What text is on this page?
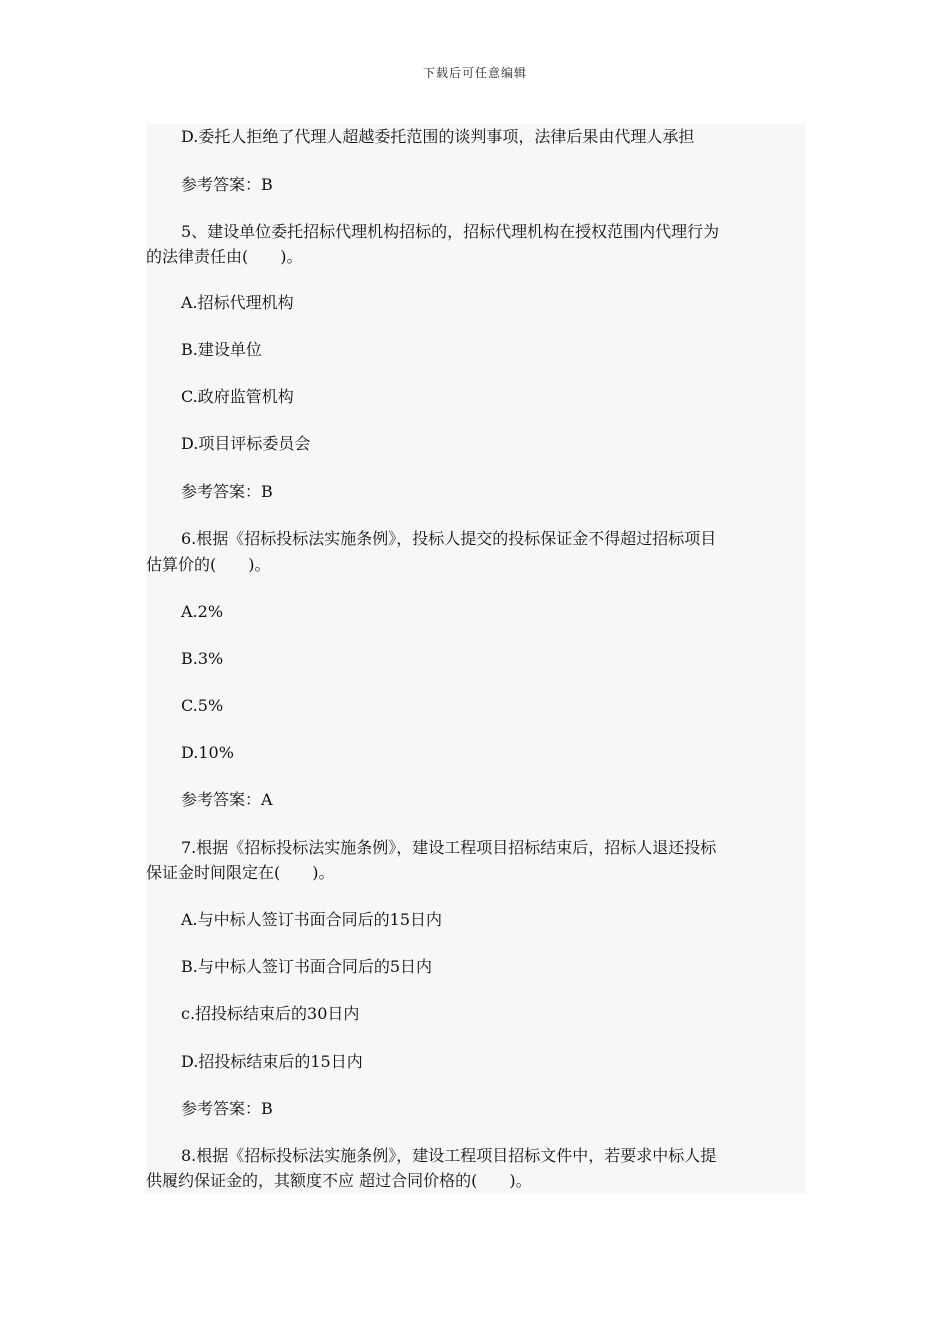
下载后可任意编辑
D.委托人拒绝了代理人超越委托范围的谈判事项，法律后果由代理人承担
参考答案：B
5、建设单位委托招标代理机构招标的，招标代理机构在授权范围内代理行为
的法律责任由(　　)。
A.招标代理机构
B.建设单位
C.政府监管机构
D.项目评标委员会
参考答案：B
6.根据《招标投标法实施条例》，投标人提交的投标保证金不得超过招标项目
估算价的(　　)。
A.2%
B.3%
C.5%
D.10%
参考答案：A
7.根据《招标投标法实施条例》，建设工程项目招标结束后，招标人退还投标
保证金时间限定在(　　)。
A.与中标人签订书面合同后的15日内
B.与中标人签订书面合同后的5日内
c.招投标结束后的30日内
D.招投标结束后的15日内
参考答案：B
8.根据《招标投标法实施条例》，建设工程项目招标文件中，若要求中标人提
供履约保证金的，其额度不应 超过合同价格的(　　)。
